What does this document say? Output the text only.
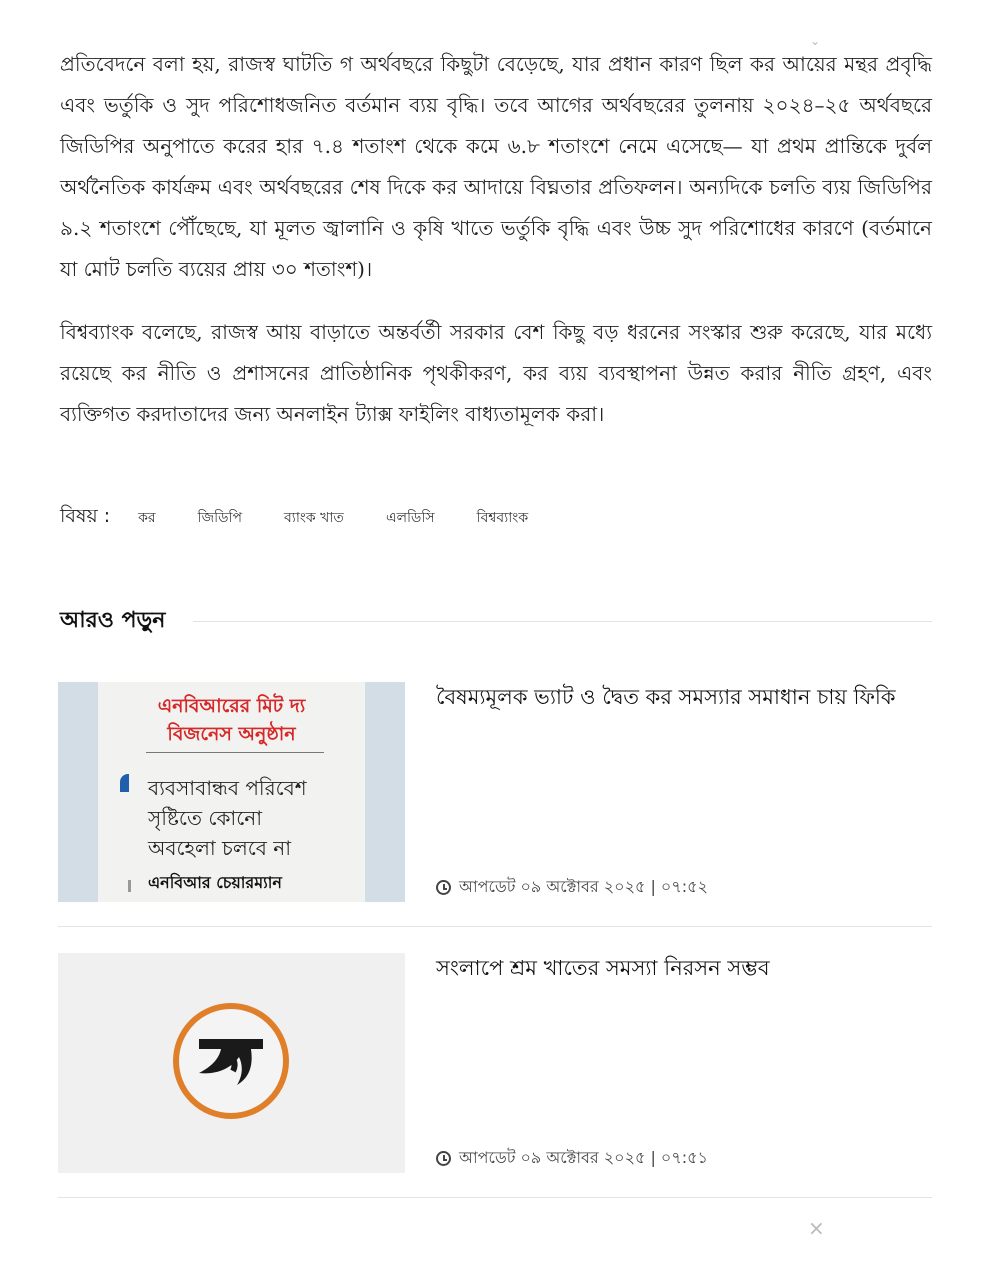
⌄

প্রতিবেদনে বলা হয়, রাজস্ব ঘাটতি গ অর্থবছরে কিছুটা বেড়েছে, যার প্রধান কারণ ছিল কর আয়ের মন্থর প্রবৃদ্ধি এবং ভর্তুকি ও সুদ পরিশোধজনিত বর্তমান ব্যয় বৃদ্ধি। তবে আগের অর্থবছরের তুলনায় ২০২৪–২৫ অর্থবছরে জিডিপির অনুপাতে করের হার ৭.৪ শতাংশ থেকে কমে ৬.৮ শতাংশে নেমে এসেছে— যা প্রথম প্রান্তিকে দুর্বল অর্থনৈতিক কার্যক্রম এবং অর্থবছরের শেষ দিকে কর আদায়ে বিঘ্নতার প্রতিফলন। অন্যদিকে চলতি ব্যয় জিডিপির ৯.২ শতাংশে পৌঁছেছে, যা মূলত জ্বালানি ও কৃষি খাতে ভর্তুকি বৃদ্ধি এবং উচ্চ সুদ পরিশোধের কারণে (বর্তমানে যা মোট চলতি ব্যয়ের প্রায় ৩০ শতাংশ)।

বিশ্বব্যাংক বলেছে, রাজস্ব আয় বাড়াতে অন্তর্বর্তী সরকার বেশ কিছু বড় ধরনের সংস্কার শুরু করেছে, যার মধ্যে রয়েছে কর নীতি ও প্রশাসনের প্রাতিষ্ঠানিক পৃথকীকরণ, কর ব্যয় ব্যবস্থাপনা উন্নত করার নীতি গ্রহণ, এবং ব্যক্তিগত করদাতাদের জন্য অনলাইন ট্যাক্স ফাইলিং বাধ্যতামূলক করা।

বিষয় : কর	জিডিপি	ব্যাংক খাত	এলডিসি	বিশ্বব্যাংক
আরও পড়ুন
এনবিআরের মিট দ্য
বিজনেস অনুষ্ঠান
ব্যবসাবান্ধব পরিবেশ
সৃষ্টিতে কোনো
অবহেলা চলবে না
এনবিআর চেয়ারম্যান
বৈষম্যমূলক ভ্যাট ও দ্বৈত কর সমস্যার সমাধান চায় ফিকি
আপডেট ০৯ অক্টোবর ২০২৫ | ০৭:৫২
সংলাপে শ্রম খাতের সমস্যা নিরসন সম্ভব
আপডেট ০৯ অক্টোবর ২০২৫ | ০৭:৫১
×
